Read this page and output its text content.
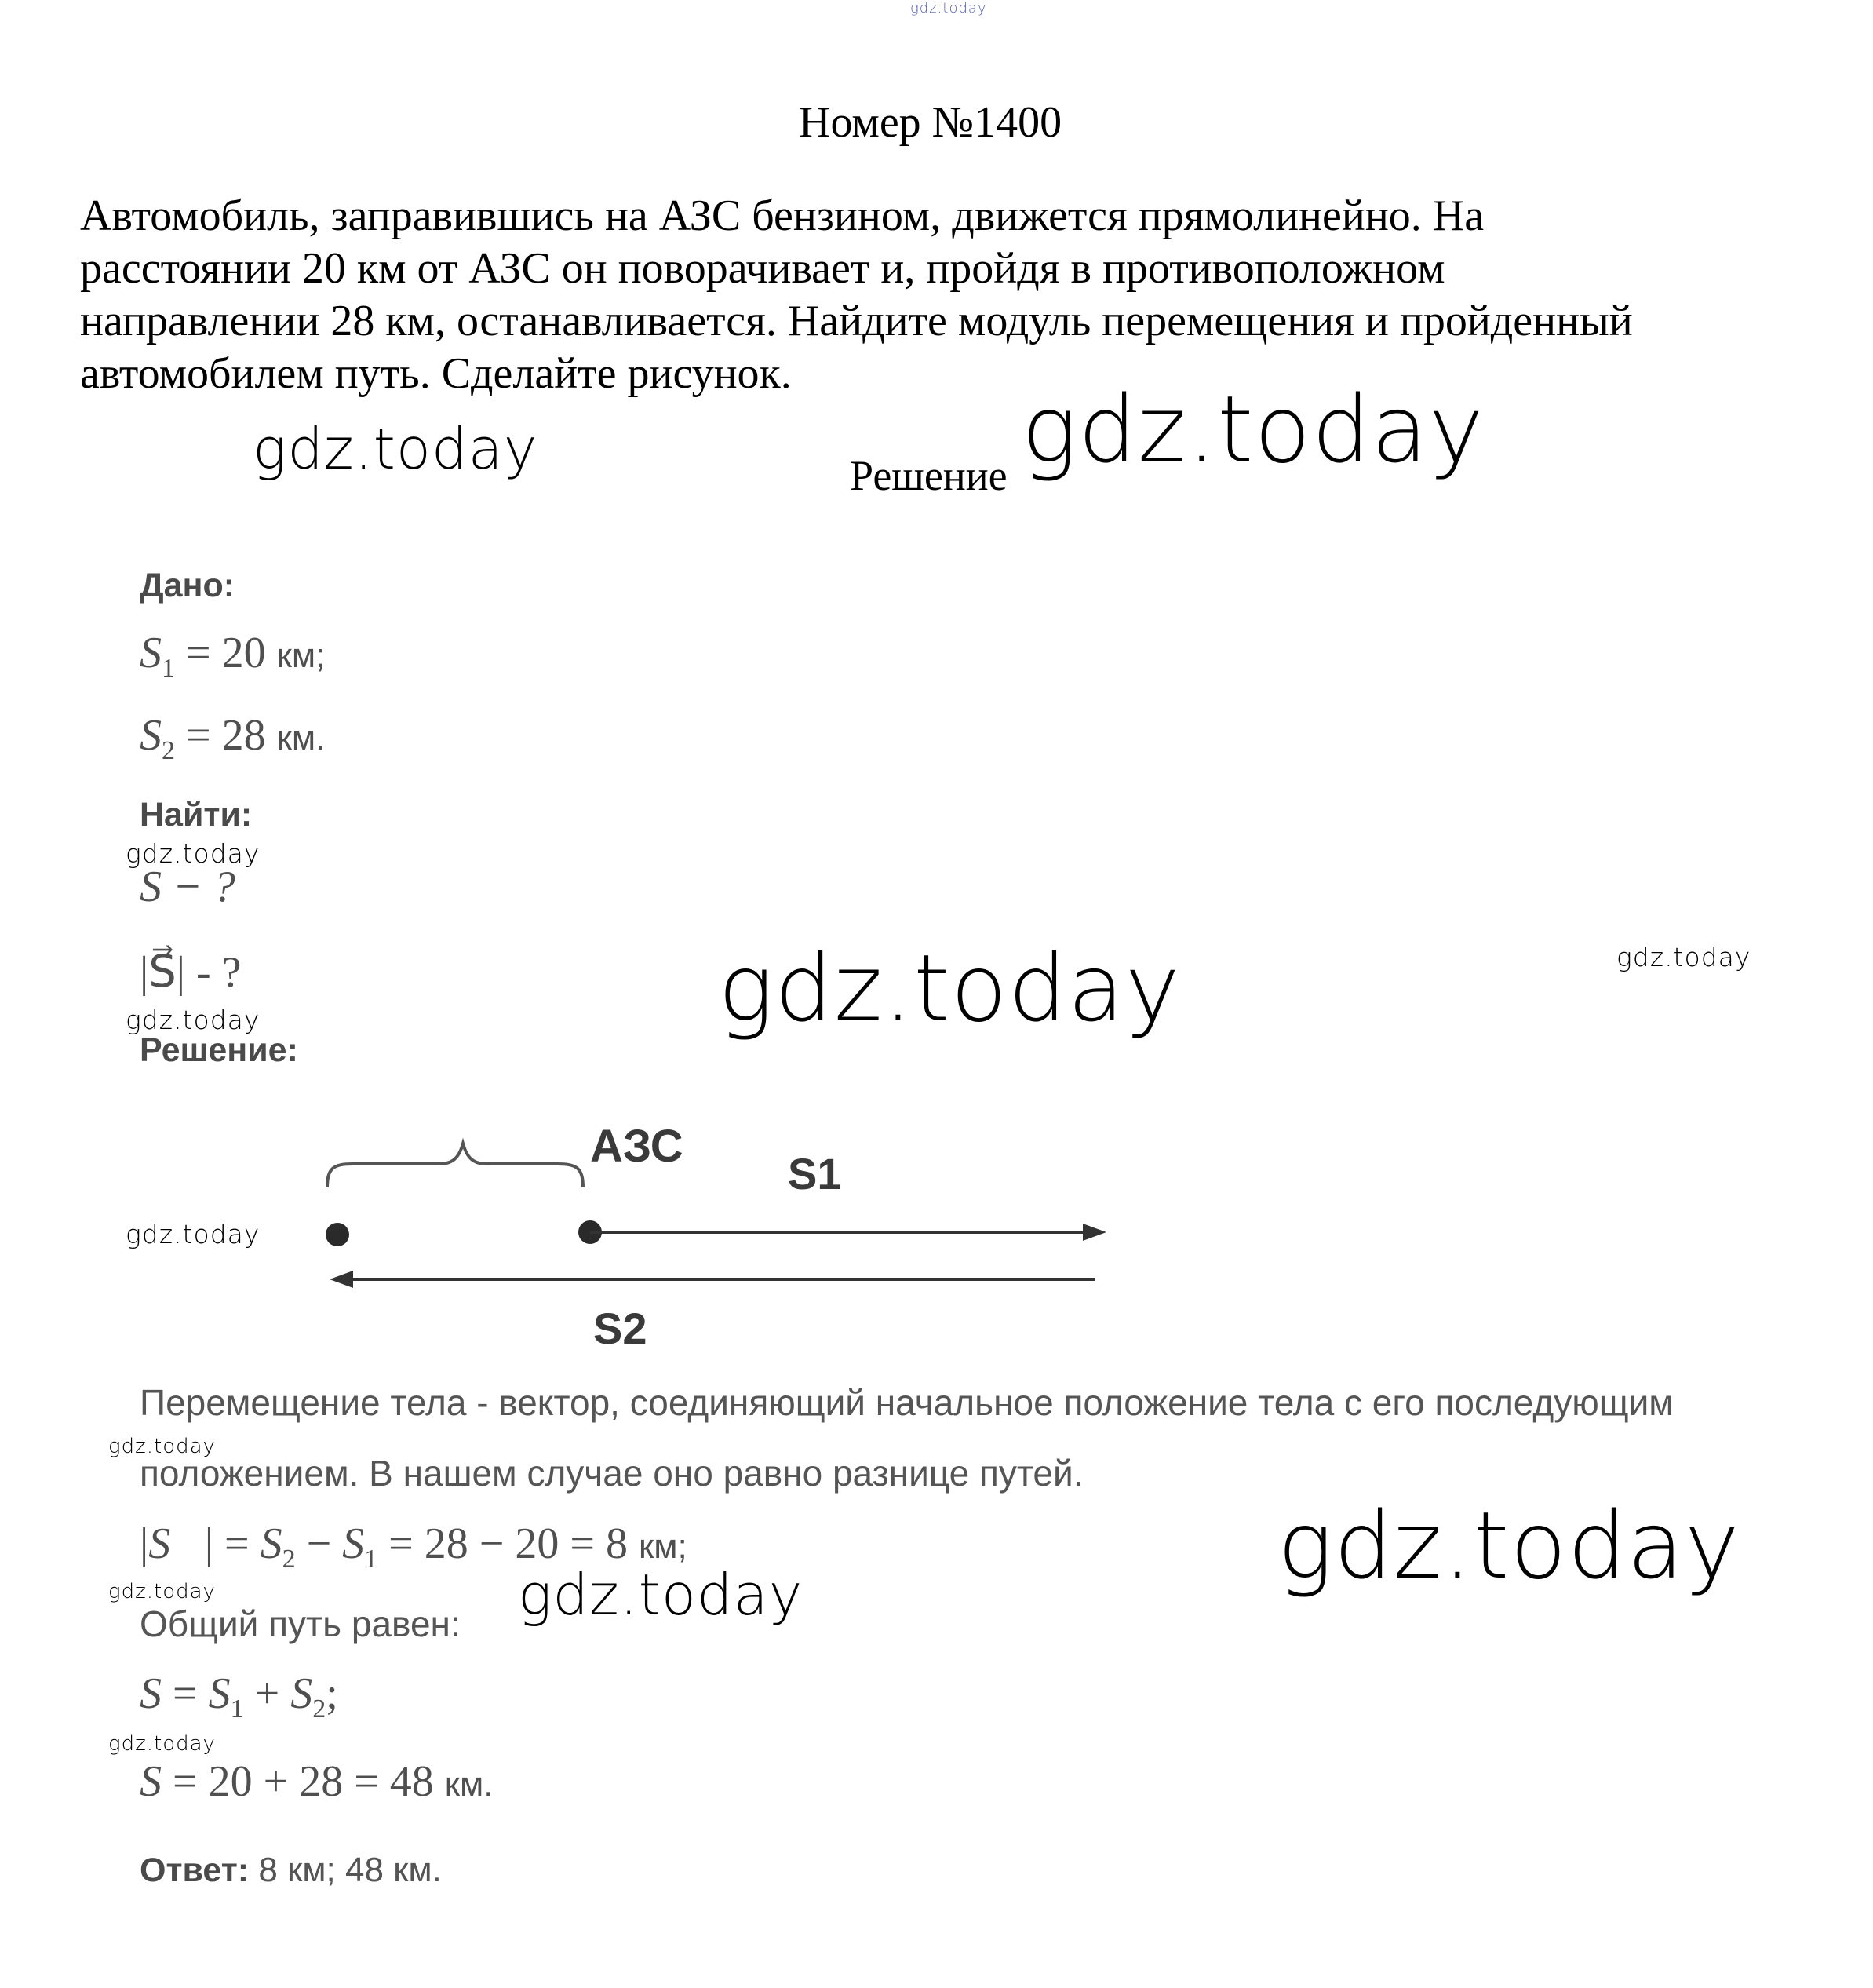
gdz.today
Номер №1400

Автомобиль, заправившись на АЗС бензином, движется прямолинейно. На

расстоянии 20 км от АЗС он поворачивает и, пройдя в противоположном

направлении 28 км, останавливается. Найдите модуль перемещения и пройденный

автомобилем путь. Сделайте рисунок.

gdz.today	Решение gdz.today
Дано:
$S_1 = 20$ км;
$S_2 = 28$ км.
Найти:
gdz.today
S − ?
|S⃗| - ?	gdz.today	gdz.today
gdz.today
Решение:
gdz.today
АЗС
S1
S2
Перемещение тела - вектор, соединяющий начальное положение тела с его последующим
gdz.today
положением. В нашем случае оно равно разнице путей.
|S⃗| = $S_2 - S_1 = 28 - 20 = 8$ км;	gdz.today
gdz.today
Общий путь равен: gdz.today
$S = S_1 + S_2$;
gdz.today
S = 20 + 28 = 48 км.
Ответ: 8 км; 48 км.
